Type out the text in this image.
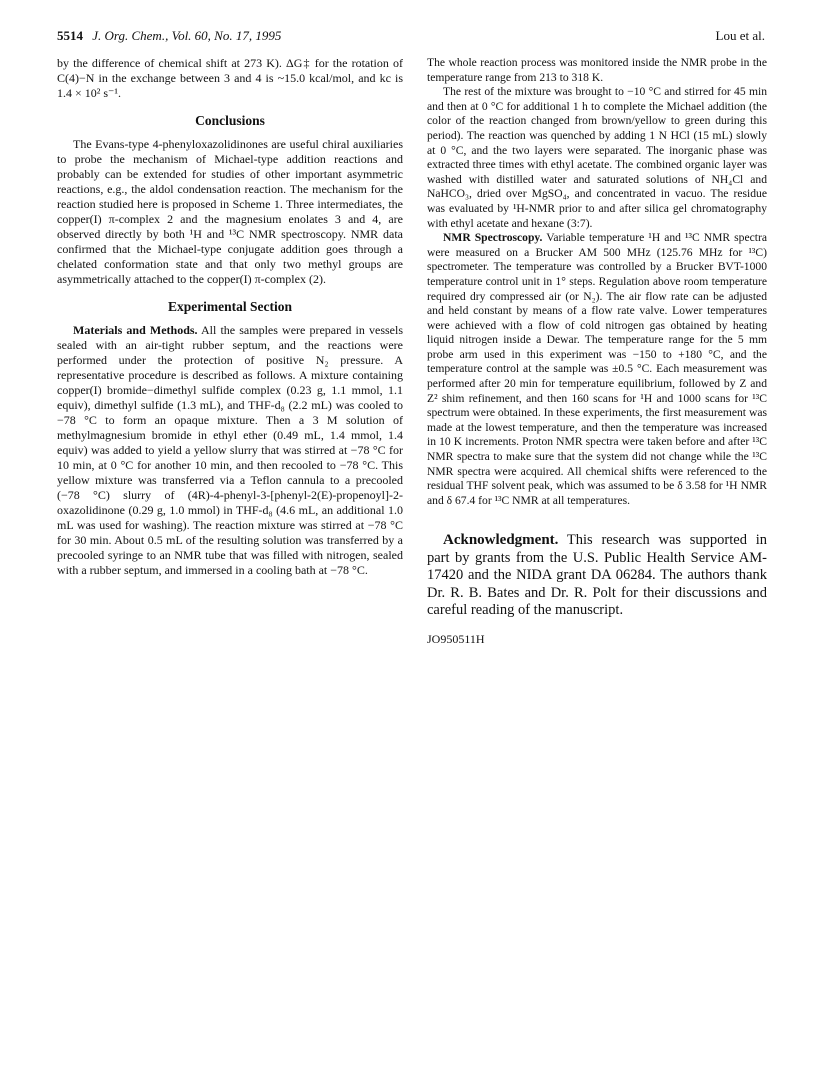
5514 J. Org. Chem., Vol. 60, No. 17, 1995	Lou et al.

by the difference of chemical shift at 273 K). ΔG‡ for the rotation of C(4)−N in the exchange between 3 and 4 is ~15.0 kcal/mol, and kc is 1.4 × 10² s⁻¹.

Conclusions

The Evans-type 4-phenyloxazolidinones are useful chiral auxiliaries to probe the mechanism of Michael-type addition reactions and probably can be extended for studies of other important asymmetric reactions, e.g., the aldol condensation reaction. The mechanism for the reaction studied here is proposed in Scheme 1. Three intermediates, the copper(I) π-complex 2 and the magnesium enolates 3 and 4, are observed directly by both ¹H and ¹³C NMR spectroscopy. NMR data confirmed that the Michael-type conjugate addition goes through a chelated conformation state and that only two methyl groups are asymmetrically attached to the copper(I) π-complex (2).

Experimental Section

Materials and Methods. All the samples were prepared in vessels sealed with an air-tight rubber septum, and the reactions were performed under the protection of positive N₂ pressure. A representative procedure is described as follows. A mixture containing copper(I) bromide−dimethyl sulfide complex (0.23 g, 1.1 mmol, 1.1 equiv), dimethyl sulfide (1.3 mL), and THF-d₈ (2.2 mL) was cooled to −78 °C to form an opaque mixture. Then a 3 M solution of methylmagnesium bromide in ethyl ether (0.49 mL, 1.4 mmol, 1.4 equiv) was added to yield a yellow slurry that was stirred at −78 °C for 10 min, at 0 °C for another 10 min, and then recooled to −78 °C. This yellow mixture was transferred via a Teflon cannula to a precooled (−78 °C) slurry of (4R)-4-phenyl-3-[phenyl-2(E)-propenoyl]-2-oxazolidinone (0.29 g, 1.0 mmol) in THF-d₈ (4.6 mL, an additional 1.0 mL was used for washing). The reaction mixture was stirred at −78 °C for 30 min. About 0.5 mL of the resulting solution was transferred by a precooled syringe to an NMR tube that was filled with nitrogen, sealed with a rubber septum, and immersed in a cooling bath at −78 °C.

The whole reaction process was monitored inside the NMR probe in the temperature range from 213 to 318 K.

The rest of the mixture was brought to −10 °C and stirred for 45 min and then at 0 °C for additional 1 h to complete the Michael addition (the color of the reaction changed from brown/yellow to green during this period). The reaction was quenched by adding 1 N HCl (15 mL) slowly at 0 °C, and the two layers were separated. The inorganic phase was extracted three times with ethyl acetate. The combined organic layer was washed with distilled water and saturated solutions of NH₄Cl and NaHCO₃, dried over MgSO₄, and concentrated in vacuo. The residue was evaluated by ¹H-NMR prior to and after silica gel chromatography with ethyl acetate and hexane (3:7).

NMR Spectroscopy. Variable temperature ¹H and ¹³C NMR spectra were measured on a Brucker AM 500 MHz (125.76 MHz for ¹³C) spectrometer. The temperature was controlled by a Brucker BVT-1000 temperature control unit in 1° steps. Regulation above room temperature required dry compressed air (or N₂). The air flow rate can be adjusted and held constant by means of a flow rate valve. Lower temperatures were achieved with a flow of cold nitrogen gas obtained by heating liquid nitrogen inside a Dewar. The temperature range for the 5 mm probe arm used in this experiment was −150 to +180 °C, and the temperature control at the sample was ±0.5 °C. Each measurement was performed after 20 min for temperature equilibrium, followed by Z and Z² shim refinement, and then 160 scans for ¹H and 1000 scans for ¹³C spectrum were obtained. In these experiments, the first measurement was made at the lowest temperature, and then the temperature was increased in 10 K increments. Proton NMR spectra were taken before and after ¹³C NMR spectra to make sure that the system did not change while the ¹³C NMR spectra were acquired. All chemical shifts were referenced to the residual THF solvent peak, which was assumed to be δ 3.58 for ¹H NMR and δ 67.4 for ¹³C NMR at all temperatures.

Acknowledgment. This research was supported in part by grants from the U.S. Public Health Service AM-17420 and the NIDA grant DA 06284. The authors thank Dr. R. B. Bates and Dr. R. Polt for their discussions and careful reading of the manuscript.

JO950511H
